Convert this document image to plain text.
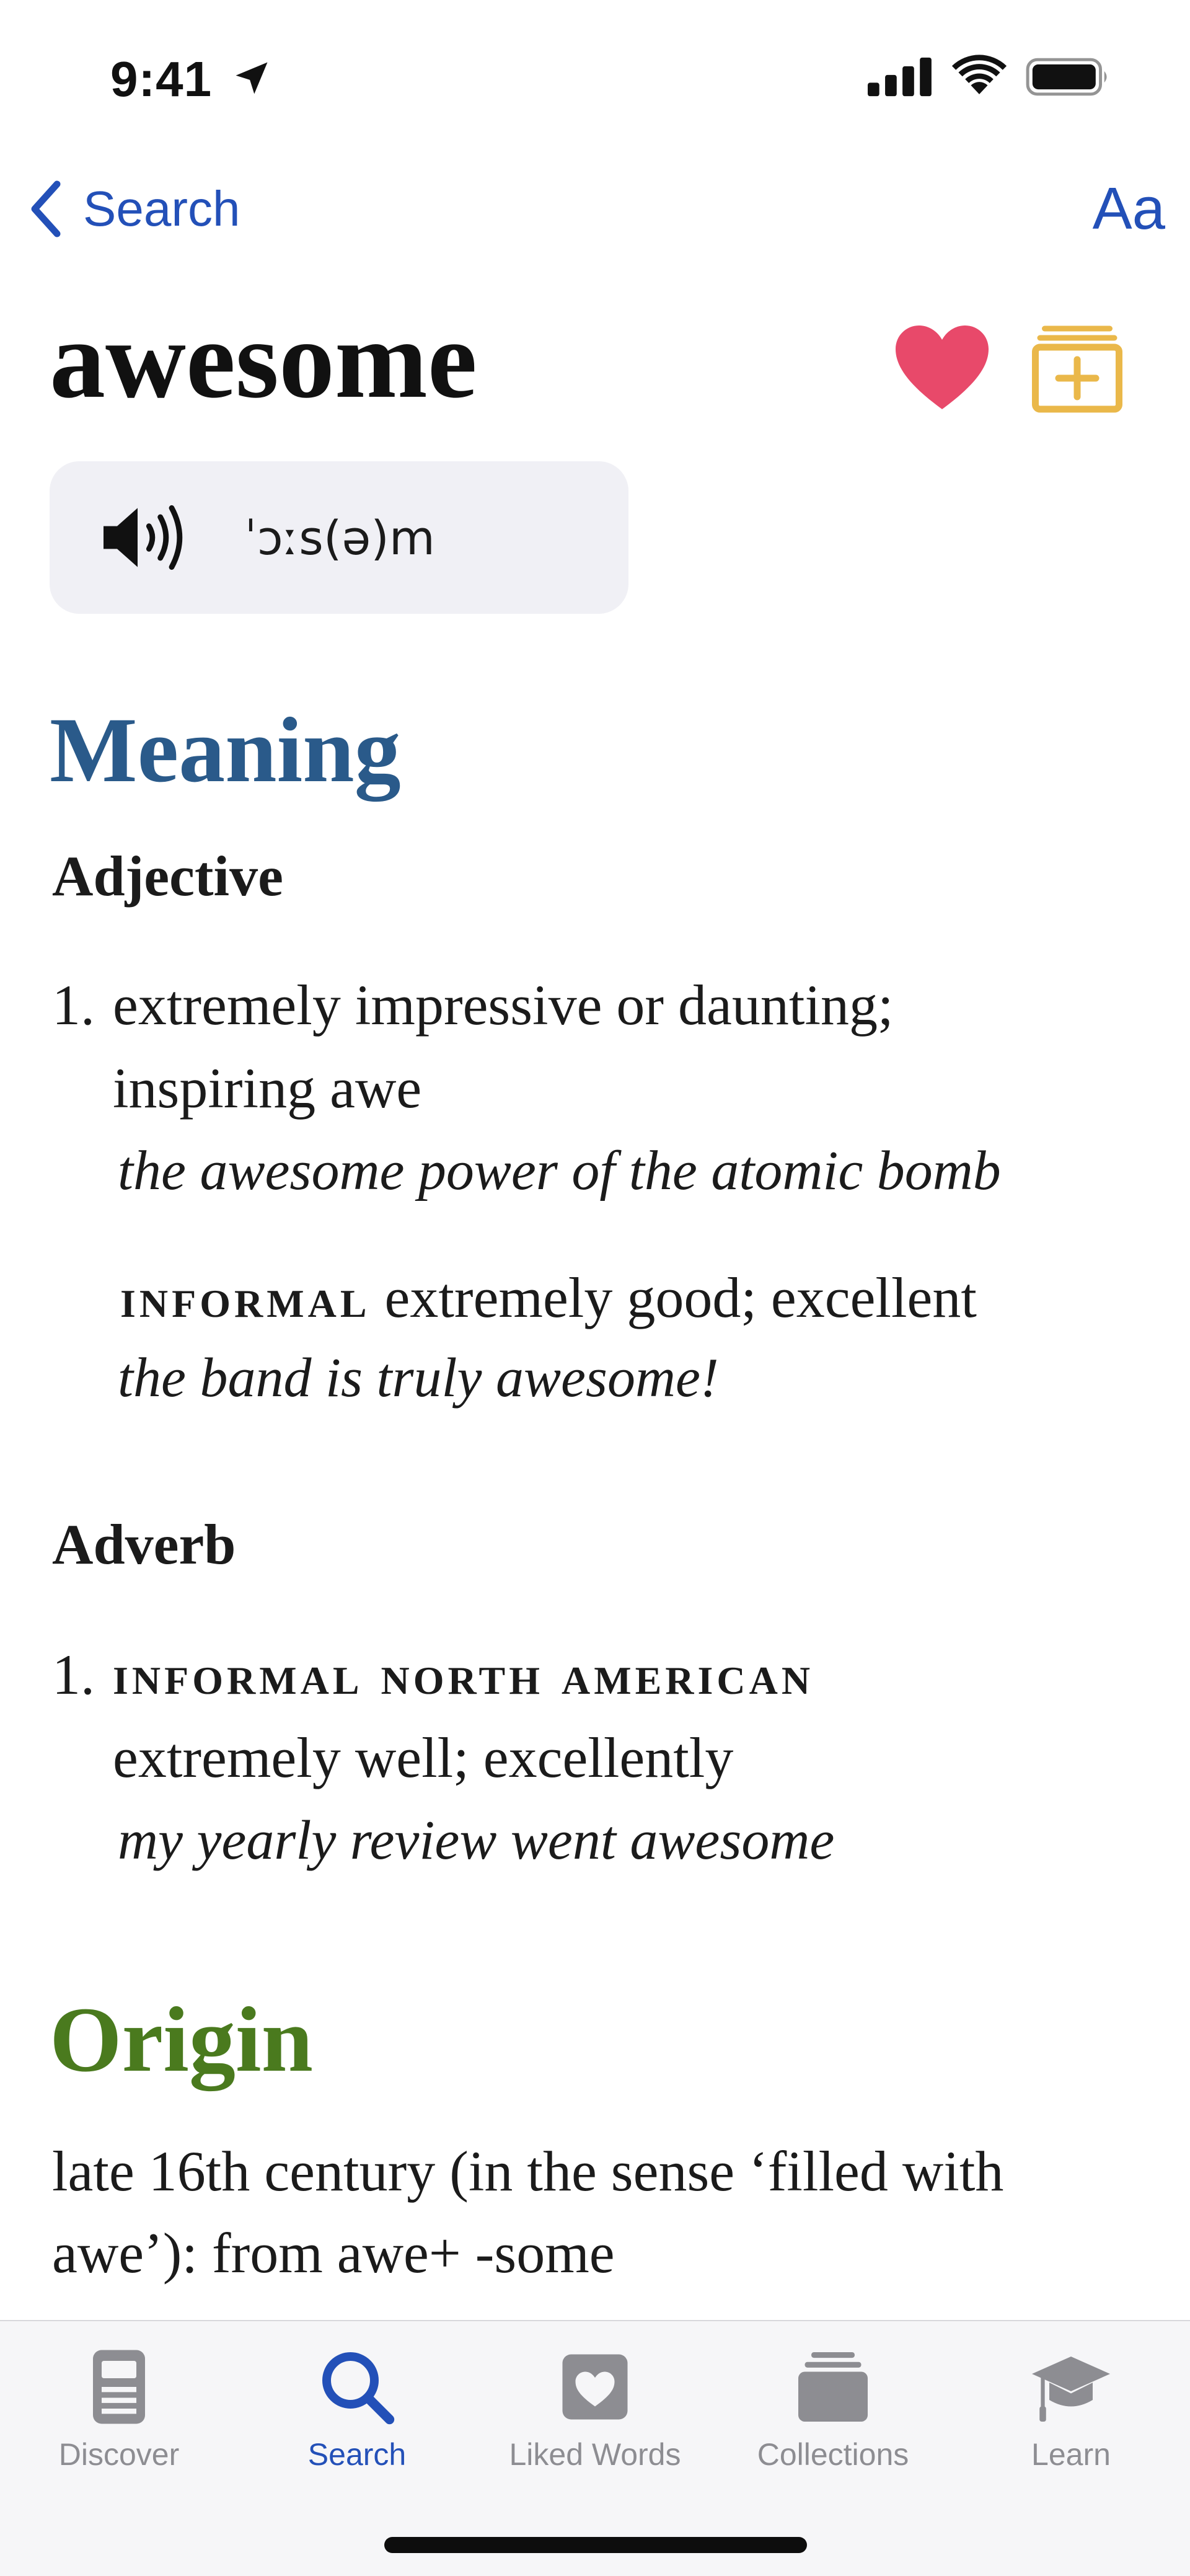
9:41
Search	Aa
awesome
ˈɔːs(ə)m
Meaning
Adjective
1. extremely impressive or daunting;
inspiring awe
the awesome power of the atomic bomb
informal extremely good; excellent
the band is truly awesome!
Adverb
1. informal north american
extremely well; excellently
my yearly review went awesome
Origin
late 16th century (in the sense ‘filled with
awe’): from awe+ -some
Discover	Search	Liked Words Collections	Learn
